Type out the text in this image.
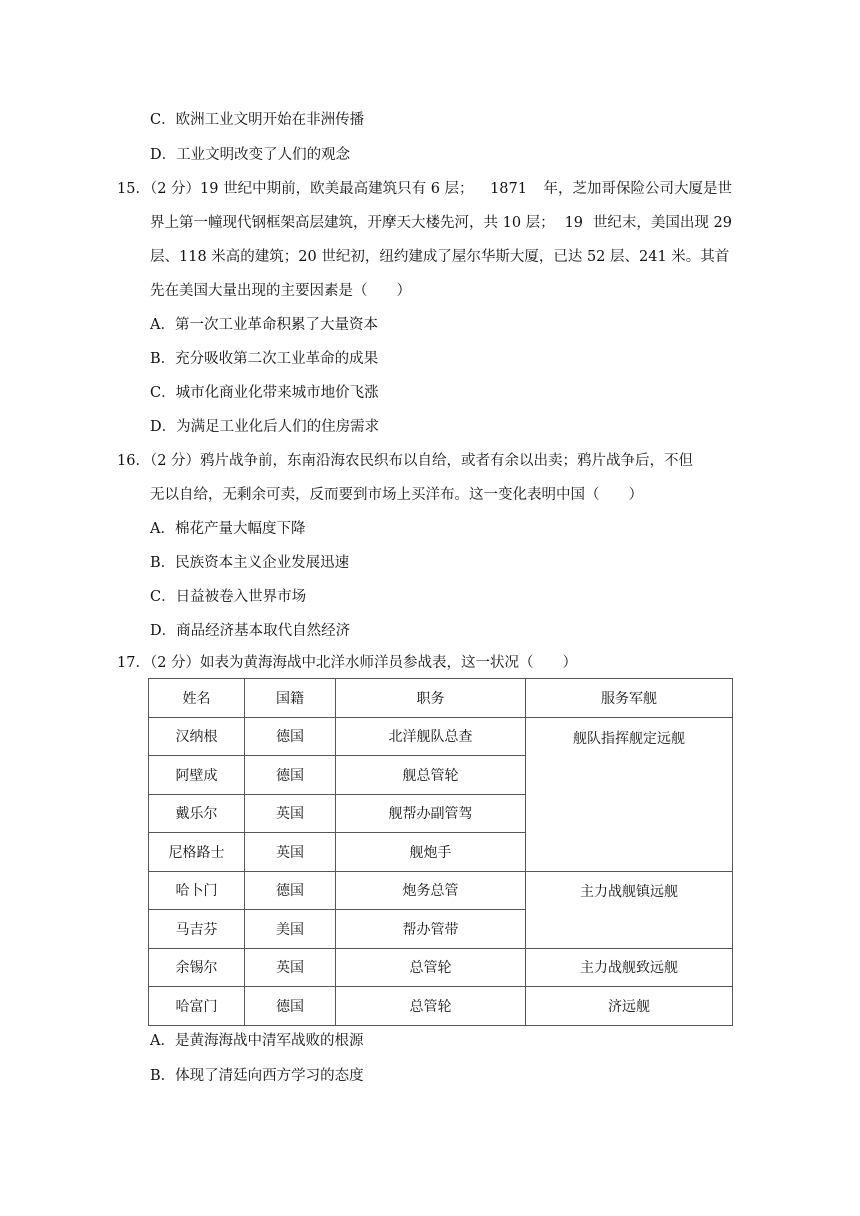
C．欧洲工业文明开始在非洲传播
D．工业文明改变了人们的观念
15．（2 分）19 世纪中期前，欧美最高建筑只有 6 层； 1871 年，芝加哥保险公司大厦是世
界上第一幢现代钢框架高层建筑，开摩天大楼先河，共 10 层； 19 世纪末，美国出现 29
层、118 米高的建筑；20 世纪初，纽约建成了屋尔华斯大厦，已达 52 层、241 米。其首
先在美国大量出现的主要因素是（　　）
A．第一次工业革命积累了大量资本
B．充分吸收第二次工业革命的成果
C．城市化商业化带来城市地价飞涨
D．为满足工业化后人们的住房需求
16．（2 分）鸦片战争前，东南沿海农民织布以自给，或者有余以出卖；鸦片战争后，不但
无以自给，无剩余可卖，反而要到市场上买洋布。这一变化表明中国（　　）
A．棉花产量大幅度下降
B．民族资本主义企业发展迅速
C．日益被卷入世界市场
D．商品经济基本取代自然经济
17．（2 分）如表为黄海海战中北洋水师洋员参战表，这一状况（　　）
姓名	国籍	职务	服务军舰
汉纳根	德国	北洋舰队总查	舰队指挥舰定远舰
阿壁成	德国	舰总管轮	
戴乐尔	英国	舰帮办副管驾	
尼格路士	英国	舰炮手	
哈卜门	德国	炮务总管	主力战舰镇远舰
马吉芬	美国	帮办管带	
余锡尔	英国	总管轮	主力战舰致远舰
哈富门	德国	总管轮	济远舰
A．是黄海海战中清军战败的根源
B．体现了清廷向西方学习的态度
